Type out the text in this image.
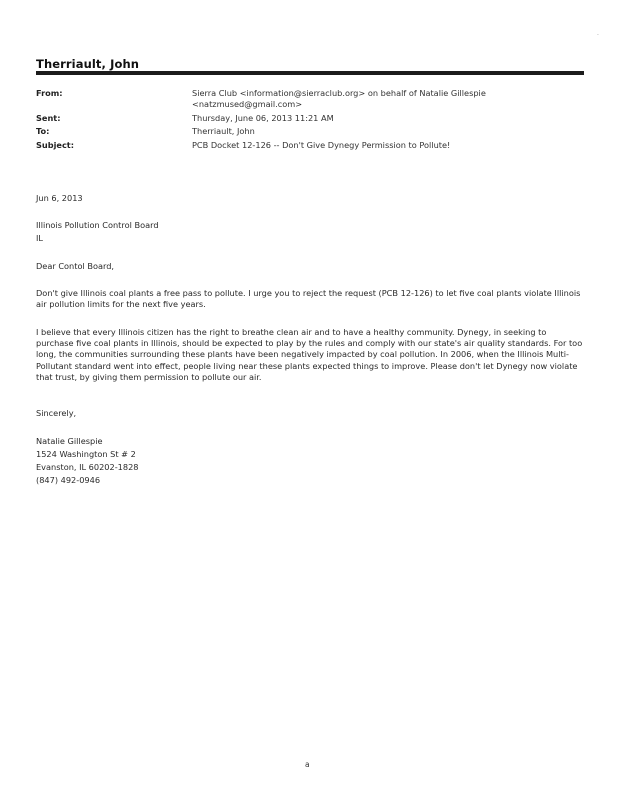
.
Therriault, John
From:	Sierra Club <information@sierraclub.org> on behalf of Natalie Gillespie
<natzmused@gmail.com>
Sent:	Thursday, June 06, 2013 11:21 AM
To:	Therriault, John
Subject:	PCB Docket 12-126 -- Don't Give Dynegy Permission to Pollute!
Jun 6, 2013
Illinois Pollution Control Board
IL
Dear Contol Board,

Don't give Illinois coal plants a free pass to pollute. I urge you to reject the request (PCB 12-126) to let five coal plants violate Illinois air pollution limits for the next five years.

I believe that every Illinois citizen has the right to breathe clean air and to have a healthy community. Dynegy, in seeking to purchase five coal plants in Illinois, should be expected to play by the rules and comply with our state's air quality standards. For too long, the communities surrounding these plants have been negatively impacted by coal pollution. In 2006, when the Illinois Multi-Pollutant standard went into effect, people living near these plants expected things to improve. Please don't let Dynegy now violate that trust, by giving them permission to pollute our air.

Sincerely,
Natalie Gillespie
1524 Washington St # 2
Evanston, IL 60202-1828
(847) 492-0946
a
